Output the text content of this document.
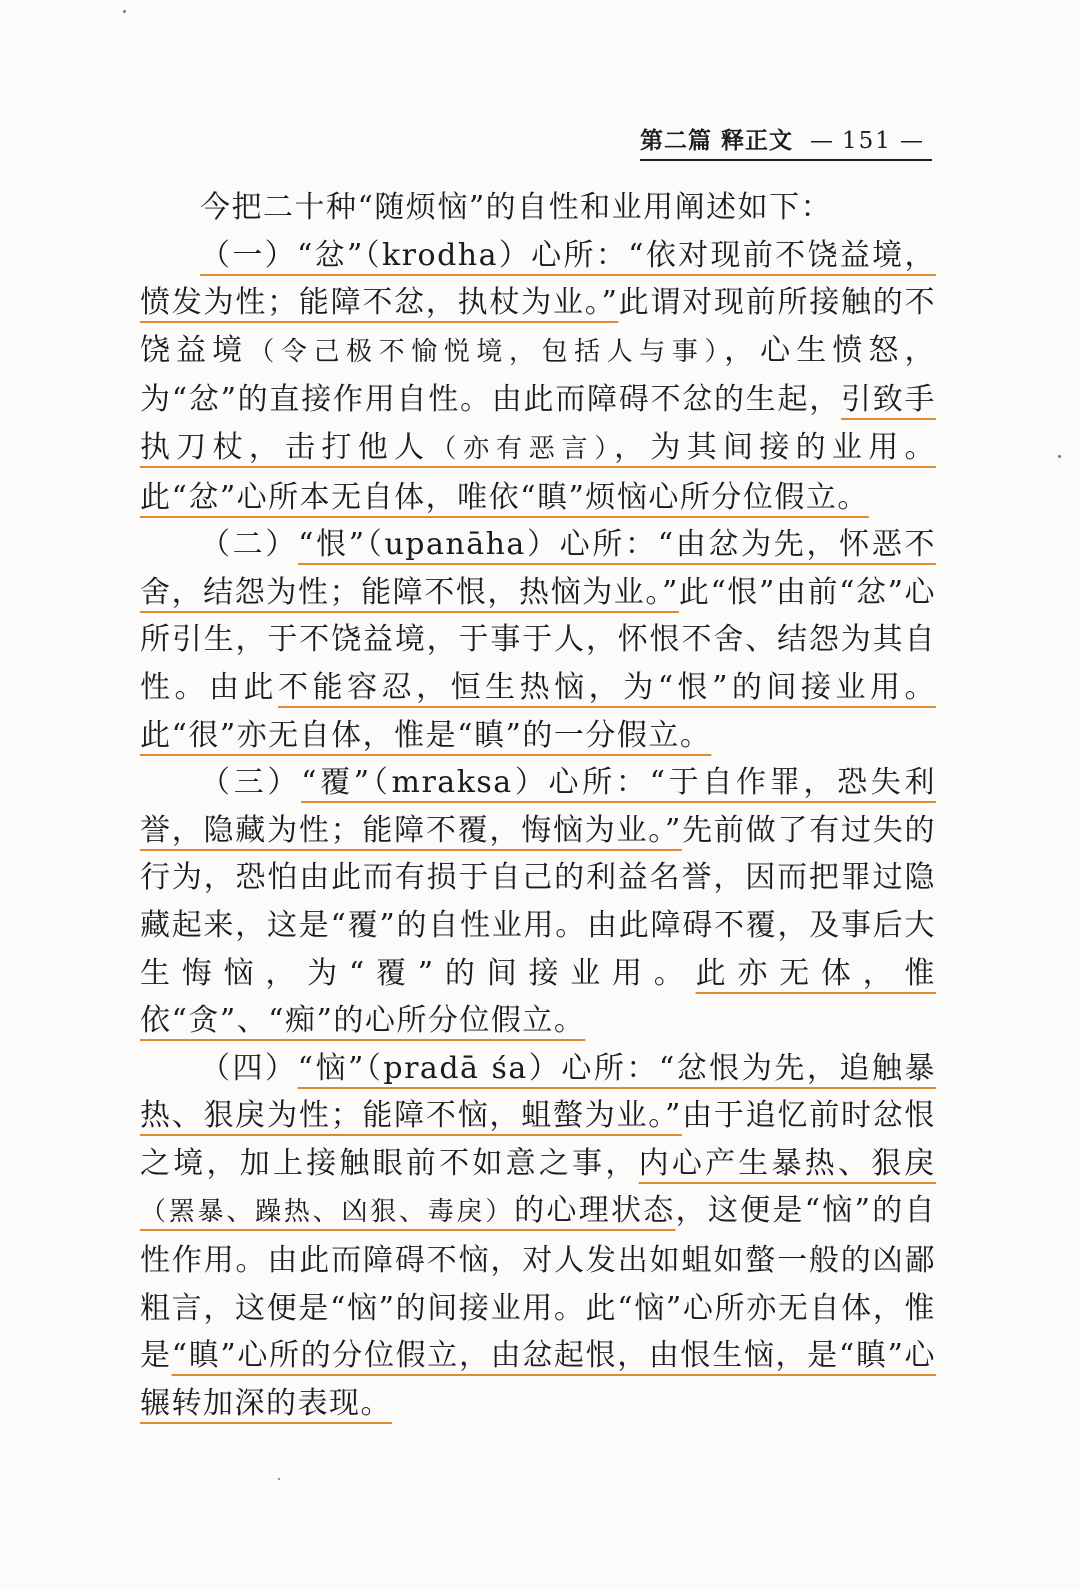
第二篇 释正文 — 151 —

今把二十种“随烦恼”的自性和业用阐述如下：

（一）“忿”（krodha）心所：“依对现前不饶益境，愤发为性；能障不忿，执杖为业。”此谓对现前所接触的不饶益境（令己极不愉悦境，包括人与事），心生愤怒，为“忿”的直接作用自性。由此而障碍不忿的生起，引致手执刀杖，击打他人（亦有恶言），为其间接的业用。此“忿”心所本无自体，唯依“瞋”烦恼心所分位假立。

（二）“恨”（upanāha）心所：“由忿为先，怀恶不舍，结怨为性；能障不恨，热恼为业。”此“恨”由前“忿”心所引生，于不饶益境，于事于人，怀恨不舍、结怨为其自性。由此不能容忍，恒生热恼，为“恨”的间接业用。此“很”亦无自体，惟是“瞋”的一分假立。

（三）“覆”（mraksa）心所：“于自作罪，恐失利誉，隐藏为性；能障不覆，悔恼为业。”先前做了有过失的行为，恐怕由此而有损于自己的利益名誉，因而把罪过隐藏起来，这是“覆”的自性业用。由此障碍不覆，及事后大生悔恼，为“覆”的间接业用。此亦无体，惟依“贪”、“痴”的心所分位假立。

（四）“恼”（pradā śa）心所：“忿恨为先，追触暴热、狠戾为性；能障不恼，蛆螫为业。”由于追忆前时忿恨之境，加上接触眼前不如意之事，内心产生暴热、狠戾（罴暴、躁热、凶狠、毒戾）的心理状态，这便是“恼”的自性作用。由此而障碍不恼，对人发出如蛆如螫一般的凶鄙粗言，这便是“恼”的间接业用。此“恼”心所亦无自体，惟是“瞋”心所的分位假立，由忿起恨，由恨生恼，是“瞋”心辗转加深的表现。
